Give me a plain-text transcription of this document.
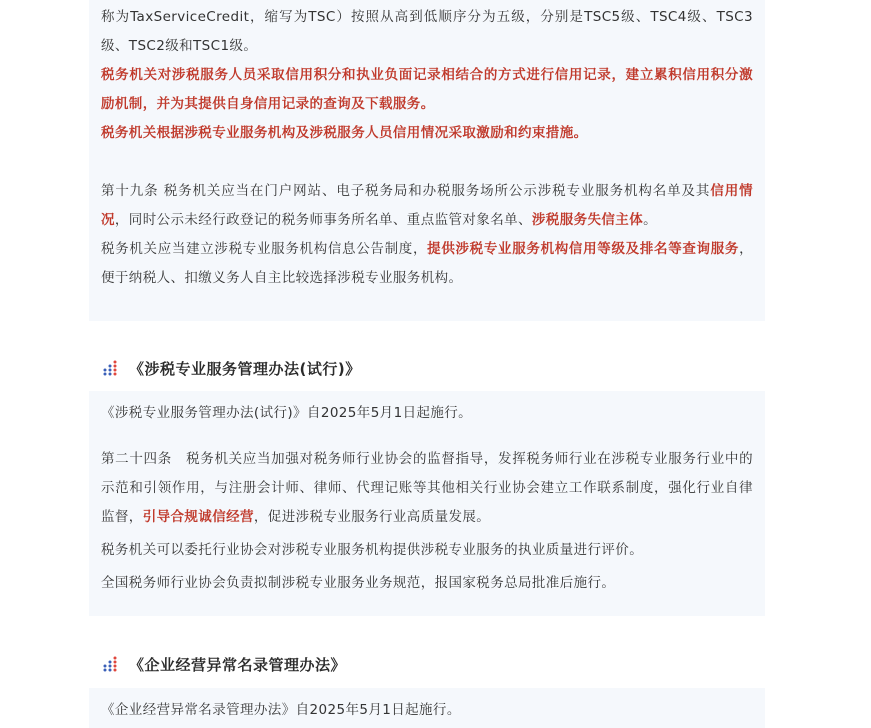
称为TaxServiceCredit，缩写为TSC）按照从高到低顺序分为五级，分别是TSC5级、TSC4级、TSC3级、TSC2级和TSC1级。

税务机关对涉税服务人员采取信用积分和执业负面记录相结合的方式进行信用记录，建立累积信用积分激励机制，并为其提供自身信用记录的查询及下载服务。

税务机关根据涉税专业服务机构及涉税服务人员信用情况采取激励和约束措施。

第十九条 税务机关应当在门户网站、电子税务局和办税服务场所公示涉税专业服务机构名单及其信用情况，同时公示未经行政登记的税务师事务所名单、重点监管对象名单、涉税服务失信主体。

税务机关应当建立涉税专业服务机构信息公告制度，提供涉税专业服务机构信用等级及排名等查询服务，便于纳税人、扣缴义务人自主比较选择涉税专业服务机构。

《涉税专业服务管理办法(试行)》

《涉税专业服务管理办法(试行)》自2025年5月1日起施行。

第二十四条　税务机关应当加强对税务师行业协会的监督指导，发挥税务师行业在涉税专业服务行业中的示范和引领作用，与注册会计师、律师、代理记账等其他相关行业协会建立工作联系制度，强化行业自律监督，引导合规诚信经营，促进涉税专业服务行业高质量发展。

税务机关可以委托行业协会对涉税专业服务机构提供涉税专业服务的执业质量进行评价。

全国税务师行业协会负责拟制涉税专业服务业务规范，报国家税务总局批准后施行。

《企业经营异常名录管理办法》

《企业经营异常名录管理办法》自2025年5月1日起施行。
